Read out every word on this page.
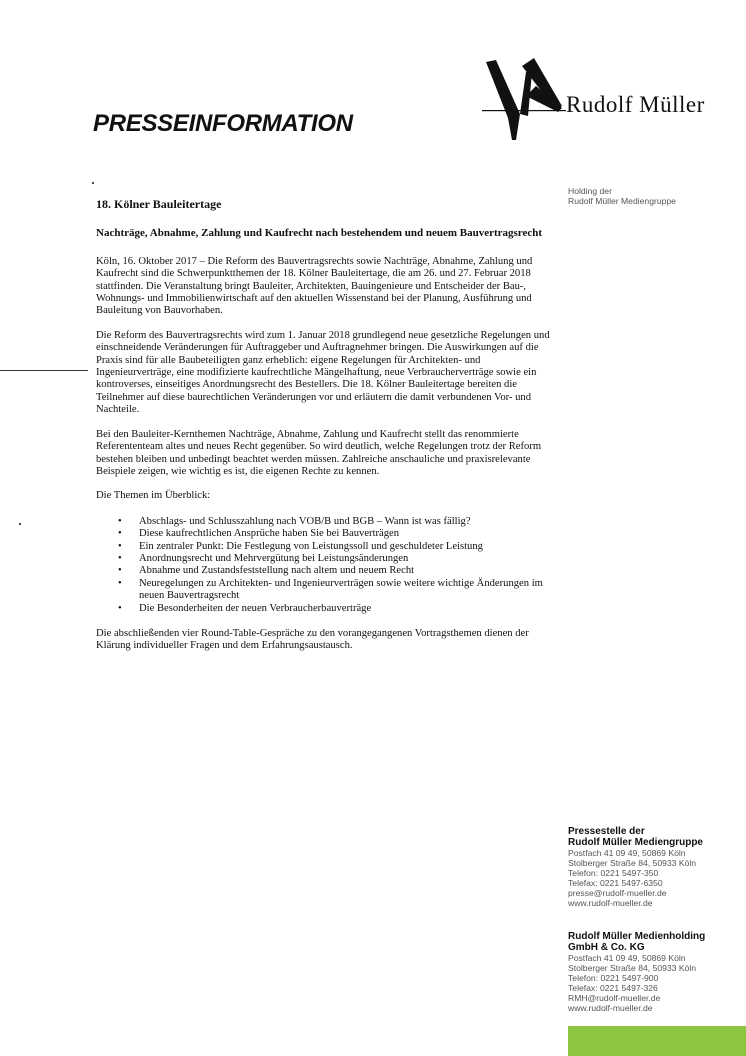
Rudolf Müller
PRESSEINFORMATION
Holding der
Rudolf Müller Mediengruppe
18. Kölner Bauleitertage
Nachträge, Abnahme, Zahlung und Kaufrecht nach bestehendem und neuem Bauvertragsrecht

Köln, 16. Oktober 2017 – Die Reform des Bauvertragsrechts sowie Nachträge, Abnahme, Zahlung und Kaufrecht sind die Schwerpunktthemen der 18. Kölner Bauleitertage, die am 26. und 27. Februar 2018 stattfinden. Die Veranstaltung bringt Bauleiter, Architekten, Bauingenieure und Entscheider der Bau-, Wohnungs- und Immobilienwirtschaft auf den aktuellen Wissenstand bei der Planung, Ausführung und Bauleitung von Bauvorhaben.

Die Reform des Bauvertragsrechts wird zum 1. Januar 2018 grundlegend neue gesetzliche Regelungen und einschneidende Veränderungen für Auftraggeber und Auftragnehmer bringen. Die Auswirkungen auf die Praxis sind für alle Baubeteiligten ganz erheblich: eigene Regelungen für Architekten- und Ingenieurverträge, eine modifizierte kaufrechtliche Mängelhaftung, neue Verbraucherverträge sowie ein kontroverses, einseitiges Anordnungsrecht des Bestellers. Die 18. Kölner Bauleitertage bereiten die Teilnehmer auf diese baurechtlichen Veränderungen vor und erläutern die damit verbundenen Vor- und Nachteile.

Bei den Bauleiter-Kernthemen Nachträge, Abnahme, Zahlung und Kaufrecht stellt das renommierte Referententeam altes und neues Recht gegenüber. So wird deutlich, welche Regelungen trotz der Reform bestehen bleiben und unbedingt beachtet werden müssen. Zahlreiche anschauliche und praxisrelevante Beispiele zeigen, wie wichtig es ist, die eigenen Rechte zu kennen.

Die Themen im Überblick:

• Abschlags- und Schlusszahlung nach VOB/B und BGB – Wann ist was fällig?
• Diese kaufrechtlichen Ansprüche haben Sie bei Bauverträgen
• Ein zentraler Punkt: Die Festlegung von Leistungssoll und geschuldeter Leistung
• Anordnungsrecht und Mehrvergütung bei Leistungsänderungen
• Abnahme und Zustandsfeststellung nach altem und neuem Recht
• Neuregelungen zu Architekten- und Ingenieurverträgen sowie weitere wichtige Änderungen im neuen Bauvertragsrecht
• Die Besonderheiten der neuen Verbraucherbauverträge

Die abschließenden vier Round-Table-Gespräche zu den vorangegangenen Vortragsthemen dienen der Klärung individueller Fragen und dem Erfahrungsaustausch.

Pressestelle der
Rudolf Müller Mediengruppe
Postfach 41 09 49, 50869 Köln
Stolberger Straße 84, 50933 Köln
Telefon: 0221 5497-350
Telefax: 0221 5497-6350
presse@rudolf-mueller.de
www.rudolf-mueller.de
Rudolf Müller Medienholding
GmbH & Co. KG
Postfach 41 09 49, 50869 Köln
Stolberger Straße 84, 50933 Köln
Telefon: 0221 5497-900
Telefax: 0221 5497-326
RMH@rudolf-mueller.de
www.rudolf-mueller.de
